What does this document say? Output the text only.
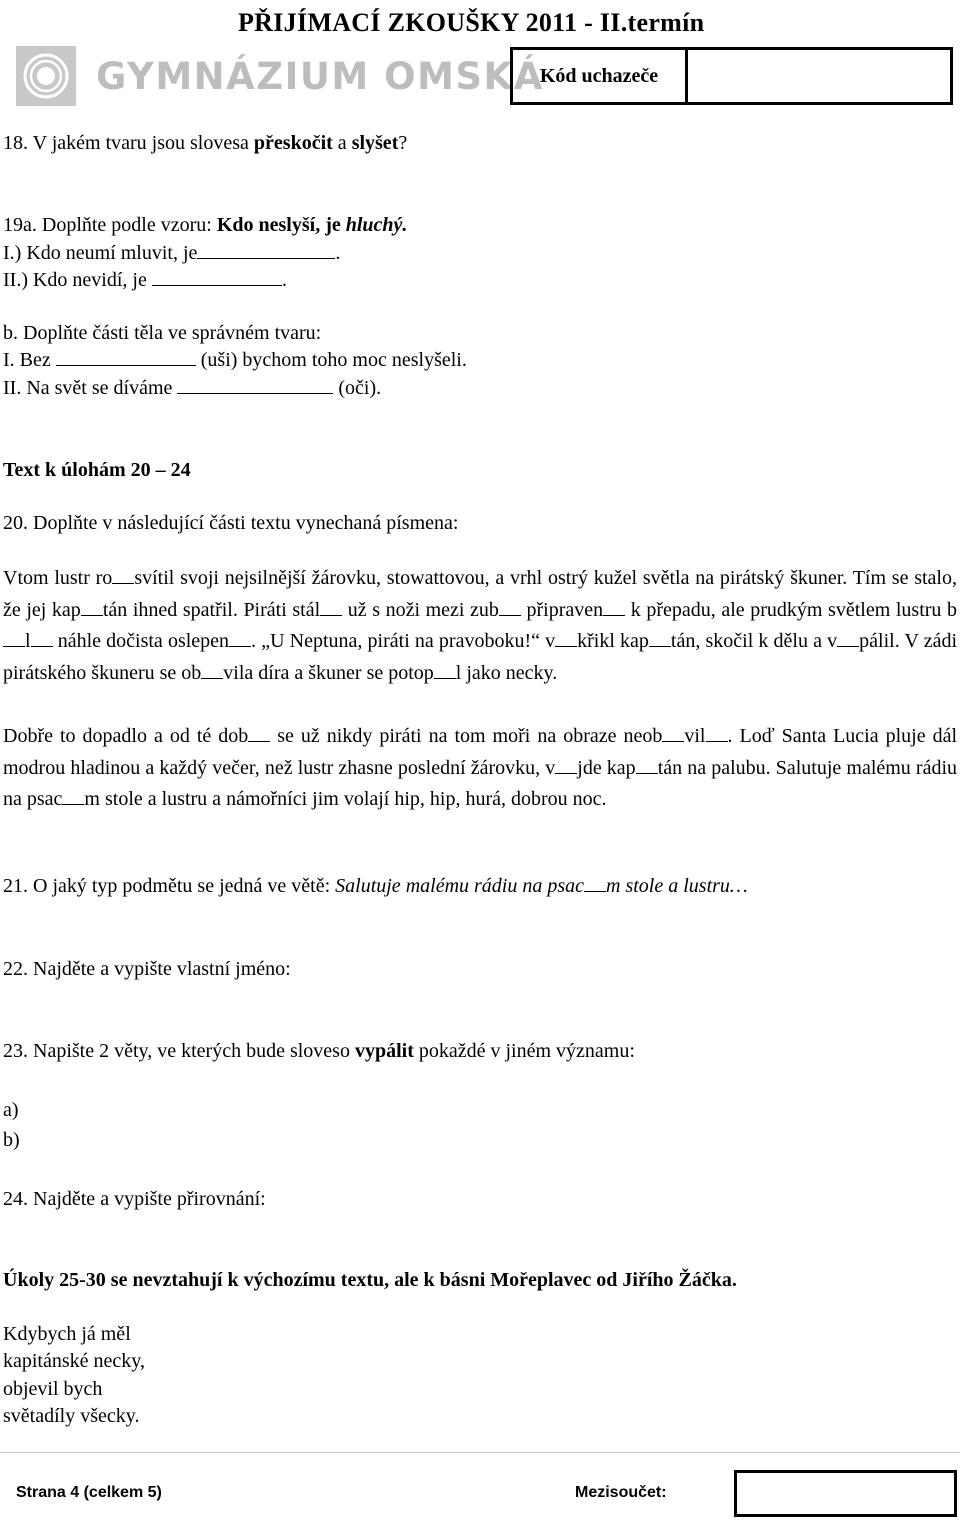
PŘIJÍMACÍ ZKOUŠKY 2011 - II.termín
GYMNÁZIUM OMSKÁ
Kód uchazeče
18. V jakém tvaru jsou slovesa přeskočit a slyšet?
19a. Doplňte podle vzoru: Kdo neslyší, je hluchý.
I.) Kdo neumí mluvit, je	.
II.) Kdo nevidí, je	.
b. Doplňte části těla ve správném tvaru:
I. Bez	(uši) bychom toho moc neslyšeli.
II. Na svět se díváme	(oči).
Text k úlohám 20 – 24
20. Doplňte v následující části textu vynechaná písmena:
Vtom lustr ro svítil svoji nejsilnější žárovku, stowattovou, a vrhl ostrý kužel světla na pirátský škuner. Tím se stalo, že jej kap tán ihned spatřil. Piráti stál už s noži mezi zub připraven k přepadu, ale prudkým světlem lustru bl náhle dočista oslepen . „U Neptuna, piráti na pravoboku!“ v křikl kap tán, skočil k dělu a v pálil. V zádi pirátského škuneru se ob vila díra a škuner se potop l jako necky.
Dobře to dopadlo a od té dob se už nikdy piráti na tom moři na obraze neob vil . Loď Santa Lucia pluje dál modrou hladinou a každý večer, než lustr zhasne poslední žárovku, v jde kap tán na palubu. Salutuje malému rádiu na psac m stole a lustru a námořníci jim volají hip, hip, hurá, dobrou noc.
21. O jaký typ podmětu se jedná ve větě: Salutuje malému rádiu na psac m stole a lustru…
22. Najděte a vypište vlastní jméno:
23. Napište 2 věty, ve kterých bude sloveso vypálit pokaždé v jiném významu:
a)
b)
24. Najděte a vypište přirovnání:
Úkoly 25-30 se nevztahují k výchozímu textu, ale k básni Mořeplavec od Jiřího Žáčka.
Kdybych já měl
kapitánské necky,
objevil bych
světadíly všecky.
Strana 4 (celkem 5)	Mezisoučet:
